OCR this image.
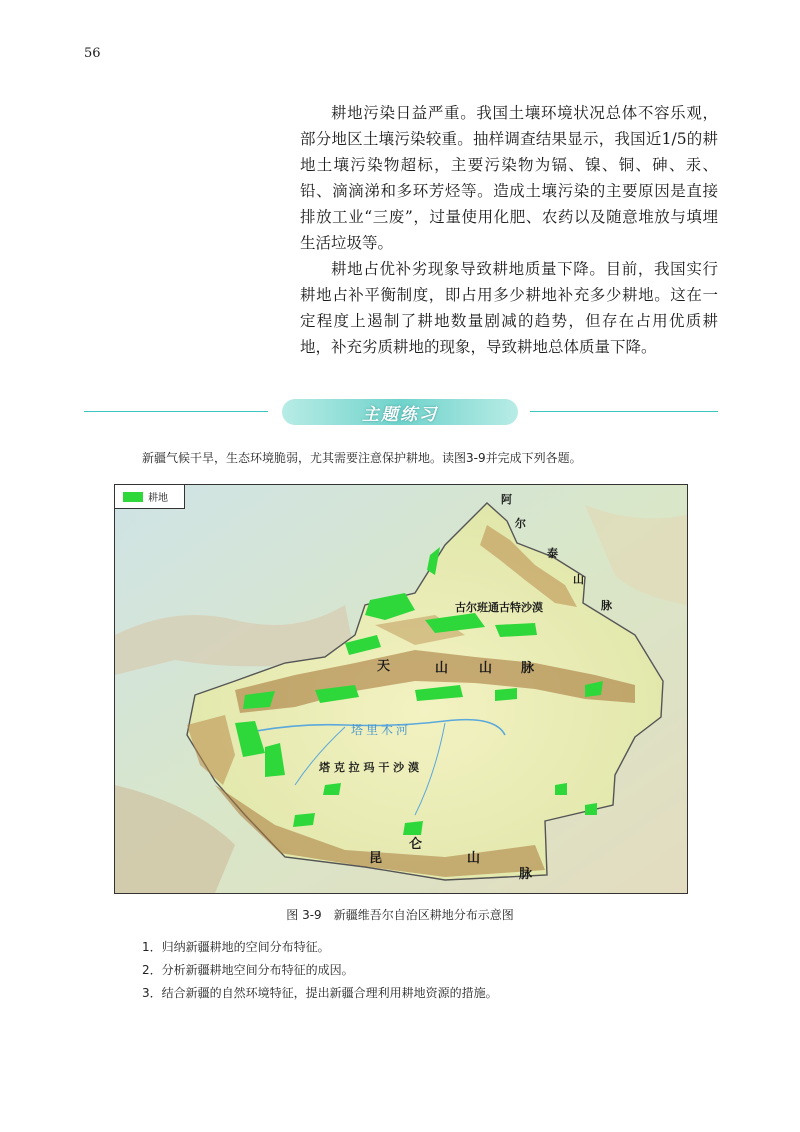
56

耕地污染日益严重。我国土壤环境状况总体不容乐观，部分地区土壤污染较重。抽样调查结果显示，我国近1/5的耕地土壤污染物超标，主要污染物为镉、镍、铜、砷、汞、铅、滴滴涕和多环芳烃等。造成土壤污染的主要原因是直接排放工业“三废”，过量使用化肥、农药以及随意堆放与填埋生活垃圾等。

耕地占优补劣现象导致耕地质量下降。目前，我国实行耕地占补平衡制度，即占用多少耕地补充多少耕地。这在一定程度上遏制了耕地数量剧减的趋势，但存在占用优质耕地，补充劣质耕地的现象，导致耕地总体质量下降。

主题练习
新疆气候干旱，生态环境脆弱，尤其需要注意保护耕地。读图3-9并完成下列各题。
耕地	阿
尔
泰
山
脉
古尔班通古特沙漠
天	山 山 脉
塔里木河
塔 克 拉 玛 干 沙 漠
昆
仑
山
脉
图 3-9　新疆维吾尔自治区耕地分布示意图
1．归纳新疆耕地的空间分布特征。
2．分析新疆耕地空间分布特征的成因。
3．结合新疆的自然环境特征，提出新疆合理利用耕地资源的措施。
